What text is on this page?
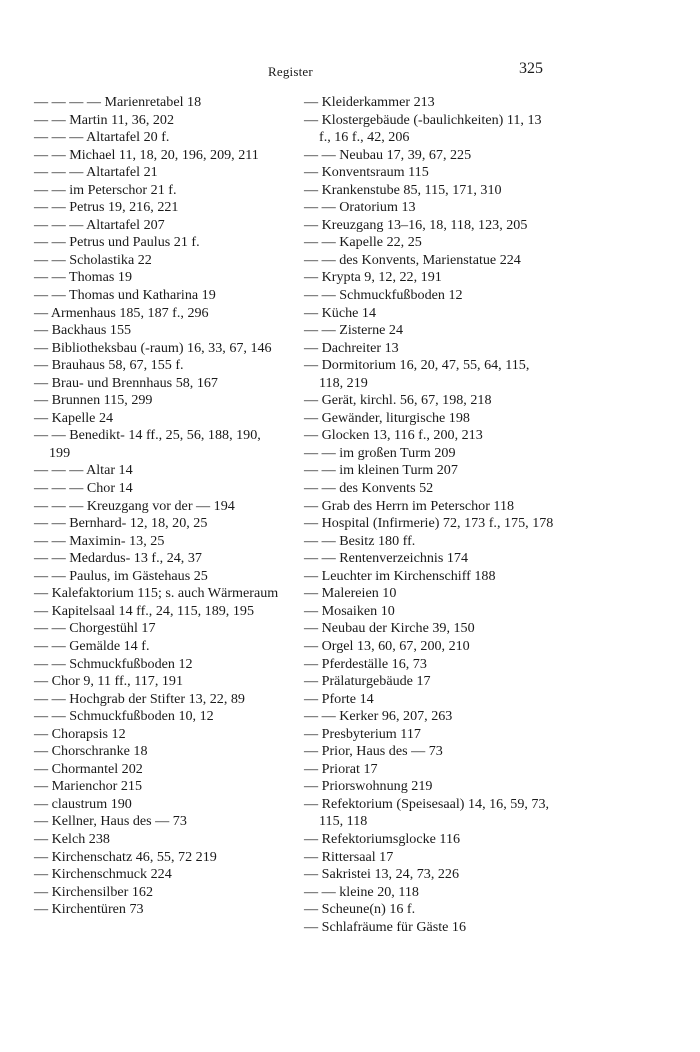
Register	325
— — — — Marienretabel 18
— — Martin 11, 36, 202
— — — Altartafel 20 f.
— — Michael 11, 18, 20, 196, 209, 211
— — — Altartafel 21
— — im Peterschor 21 f.
— — Petrus 19, 216, 221
— — — Altartafel 207
— — Petrus und Paulus 21 f.
— — Scholastika 22
— — Thomas 19
— — Thomas und Katharina 19
— Armenhaus 185, 187 f., 296
— Backhaus 155
— Bibliotheksbau (-raum) 16, 33, 67, 146
— Brauhaus 58, 67, 155 f.
— Brau- und Brennhaus 58, 167
— Brunnen 115, 299
— Kapelle 24
— — Benedikt- 14 ff., 25, 56, 188, 190, 199
— — — Altar 14
— — — Chor 14
— — — Kreuzgang vor der — 194
— — Bernhard- 12, 18, 20, 25
— — Maximin- 13, 25
— — Medardus- 13 f., 24, 37
— — Paulus, im Gästehaus 25
— Kalefaktorium 115; s. auch Wärmeraum
— Kapitelsaal 14 ff., 24, 115, 189, 195
— — Chorgestühl 17
— — Gemälde 14 f.
— — Schmuckfußboden 12
— Chor 9, 11 ff., 117, 191
— — Hochgrab der Stifter 13, 22, 89
— — Schmuckfußboden 10, 12
— Chorapsis 12
— Chorschranke 18
— Chormantel 202
— Marienchor 215
— claustrum 190
— Kellner, Haus des — 73
— Kelch 238
— Kirchenschatz 46, 55, 72 219
— Kirchenschmuck 224
— Kirchensilber 162
— Kirchentüren 73
— Kleiderkammer 213
— Klostergebäude (-baulichkeiten) 11, 13 f., 16 f., 42, 206
— — Neubau 17, 39, 67, 225
— Konventsraum 115
— Krankenstube 85, 115, 171, 310
— — Oratorium 13
— Kreuzgang 13–16, 18, 118, 123, 205
— — Kapelle 22, 25
— — des Konvents, Marienstatue 224
— Krypta 9, 12, 22, 191
— — Schmuckfußboden 12
— Küche 14
— — Zisterne 24
— Dachreiter 13
— Dormitorium 16, 20, 47, 55, 64, 115, 118, 219
— Gerät, kirchl. 56, 67, 198, 218
— Gewänder, liturgische 198
— Glocken 13, 116 f., 200, 213
— — im großen Turm 209
— — im kleinen Turm 207
— — des Konvents 52
— Grab des Herrn im Peterschor 118
— Hospital (Infirmerie) 72, 173 f., 175, 178
— — Besitz 180 ff.
— — Rentenverzeichnis 174
— Leuchter im Kirchenschiff 188
— Malereien 10
— Mosaiken 10
— Neubau der Kirche 39, 150
— Orgel 13, 60, 67, 200, 210
— Pferdeställe 16, 73
— Prälaturgebäude 17
— Pforte 14
— — Kerker 96, 207, 263
— Presbyterium 117
— Prior, Haus des — 73
— Priorat 17
— Priorswohnung 219
— Refektorium (Speisesaal) 14, 16, 59, 73, 115, 118
— Refektoriumsglocke 116
— Rittersaal 17
— Sakristei 13, 24, 73, 226
— — kleine 20, 118
— Scheune(n) 16 f.
— Schlafräume für Gäste 16
